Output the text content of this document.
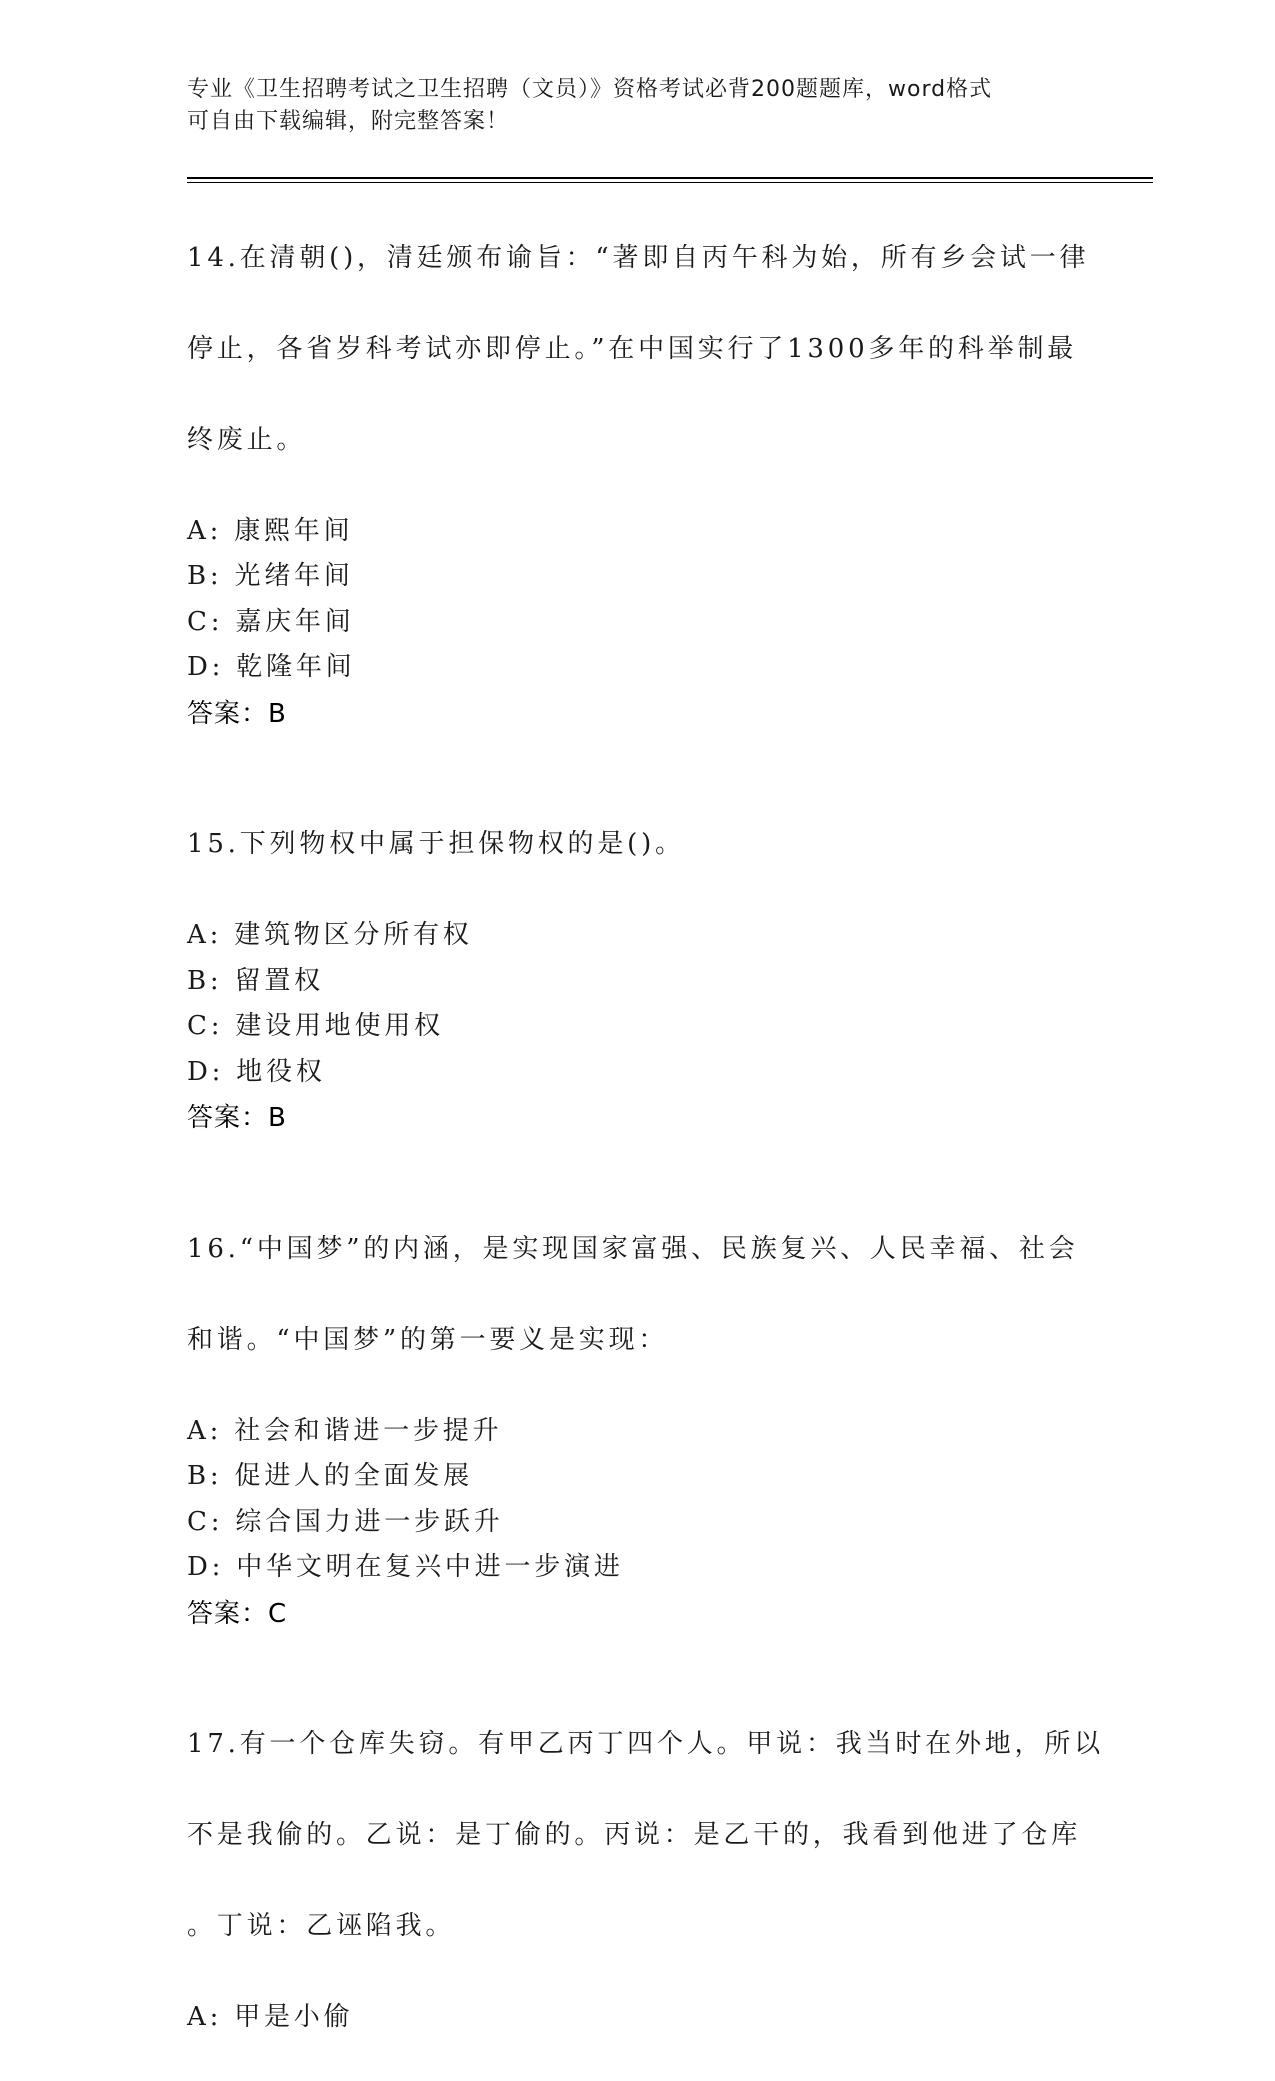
专业《卫生招聘考试之卫生招聘（文员）》资格考试必背200题题库，word格式
可自由下载编辑，附完整答案！

14.在清朝()，清廷颁布谕旨：“著即自丙午科为始，所有乡会试一律

停止，各省岁科考试亦即停止。”在中国实行了1300多年的科举制最

终废止。

A: 康熙年间
B: 光绪年间
C: 嘉庆年间
D: 乾隆年间
答案：B

15.下列物权中属于担保物权的是()。

A: 建筑物区分所有权
B: 留置权
C: 建设用地使用权
D: 地役权
答案：B

16.“中国梦”的内涵，是实现国家富强、民族复兴、人民幸福、社会

和谐。“中国梦”的第一要义是实现：

A: 社会和谐进一步提升
B: 促进人的全面发展
C: 综合国力进一步跃升
D: 中华文明在复兴中进一步演进
答案：C

17.有一个仓库失窃。有甲乙丙丁四个人。甲说：我当时在外地，所以

不是我偷的。乙说：是丁偷的。丙说：是乙干的，我看到他进了仓库

。丁说：乙诬陷我。

A: 甲是小偷
